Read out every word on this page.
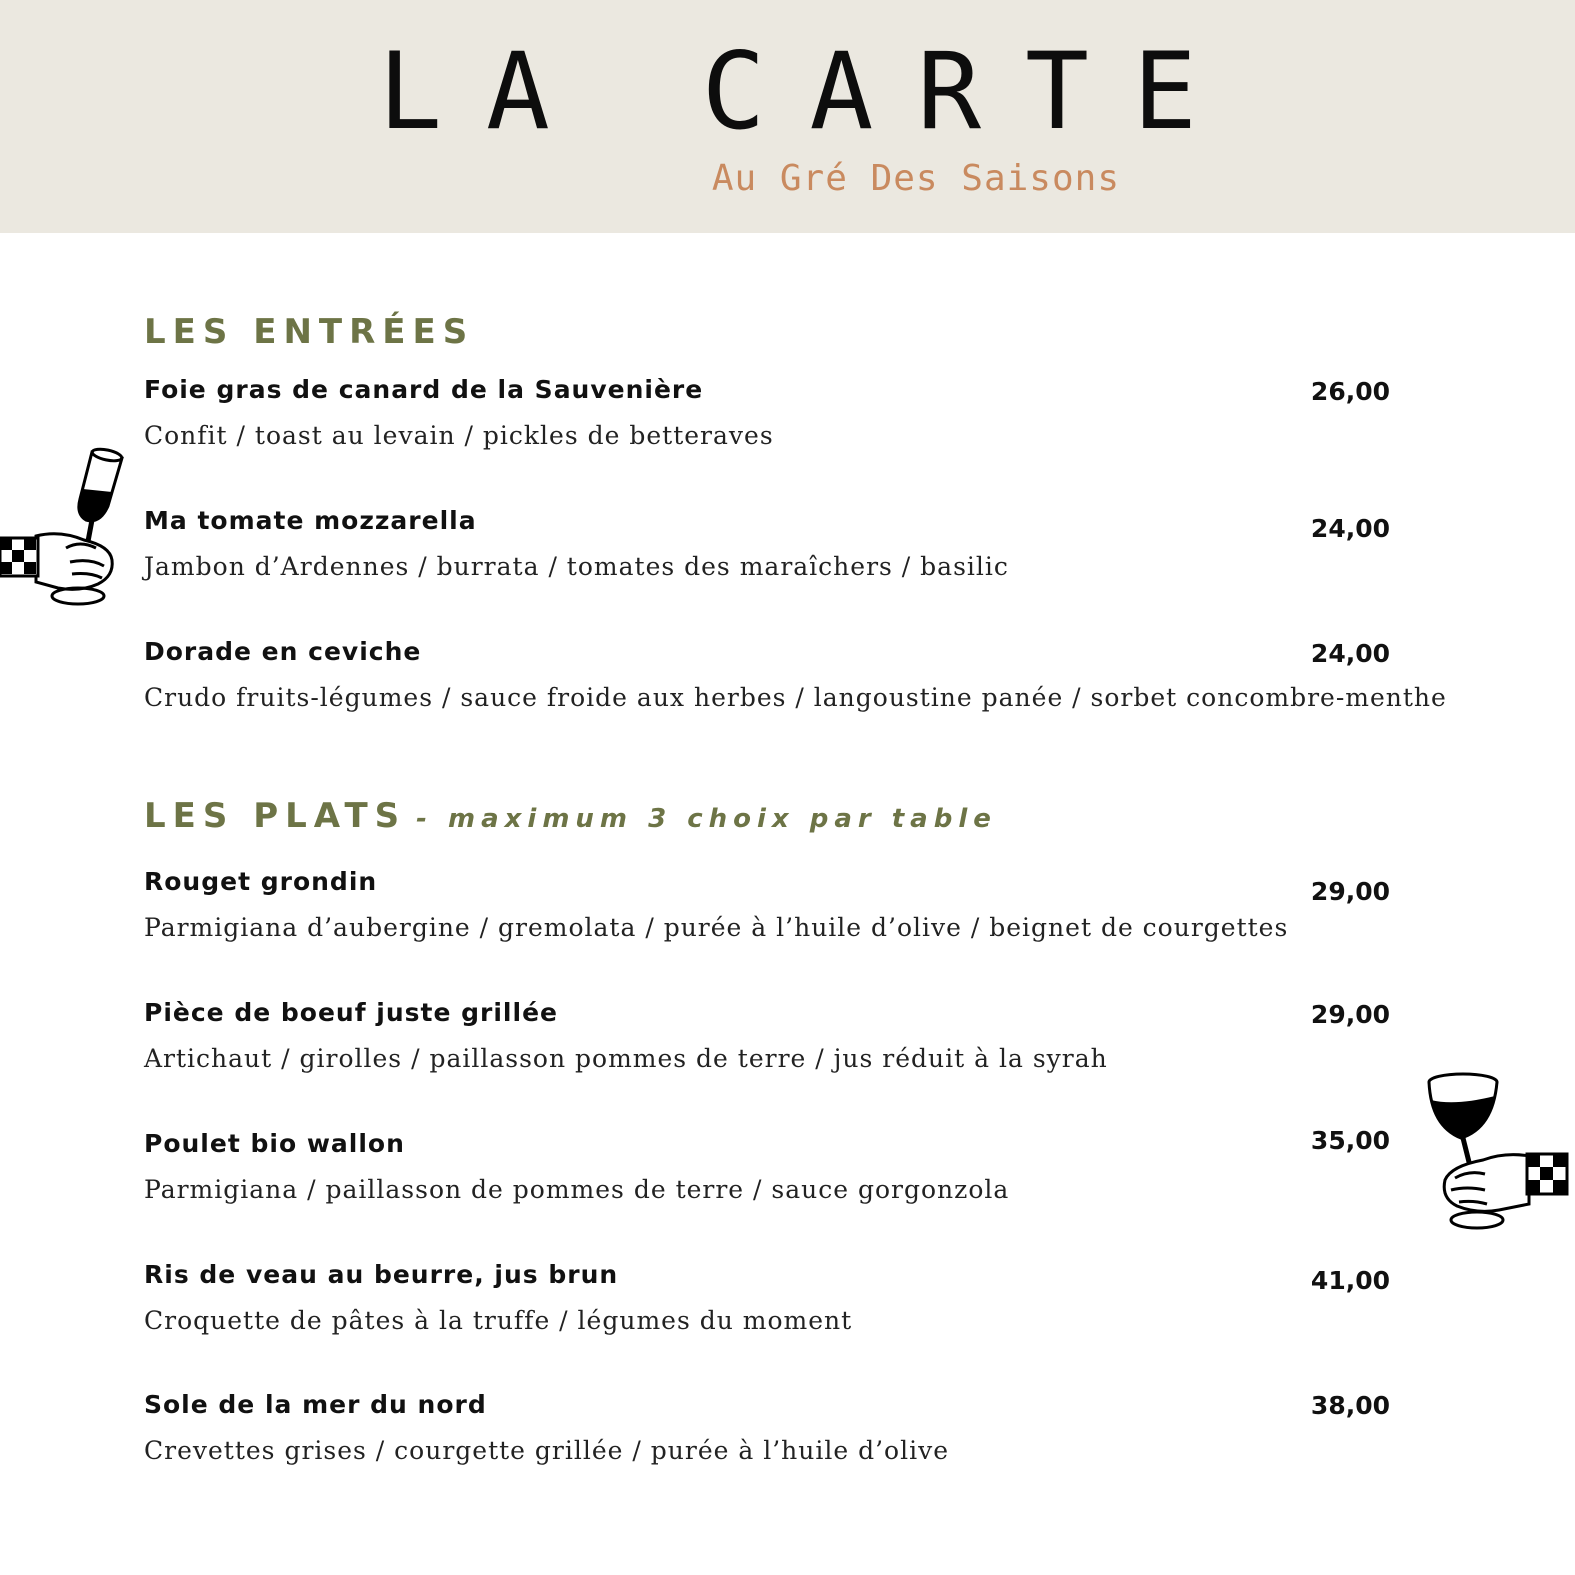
LA CARTE
Au Gré Des Saisons
LES ENTRÉES
Foie gras de canard de la Sauvenière	26,00
Confit / toast au levain / pickles de betteraves
Ma tomate mozzarella	24,00
Jambon d’Ardennes / burrata / tomates des maraîchers / basilic
Dorade en ceviche	24,00
Crudo fruits-légumes / sauce froide aux herbes / langoustine panée / sorbet concombre-menthe
LES PLATS - maximum 3 choix par table
Rouget grondin	29,00
Parmigiana d’aubergine / gremolata / purée à l’huile d’olive / beignet de courgettes
Pièce de boeuf juste grillée	29,00
Artichaut / girolles / paillasson pommes de terre / jus réduit à la syrah
Poulet bio wallon	35,00
Parmigiana / paillasson de pommes de terre / sauce gorgonzola
Ris de veau au beurre, jus brun	41,00
Croquette de pâtes à la truffe / légumes du moment
Sole de la mer du nord	38,00
Crevettes grises / courgette grillée / purée à l’huile d’olive
